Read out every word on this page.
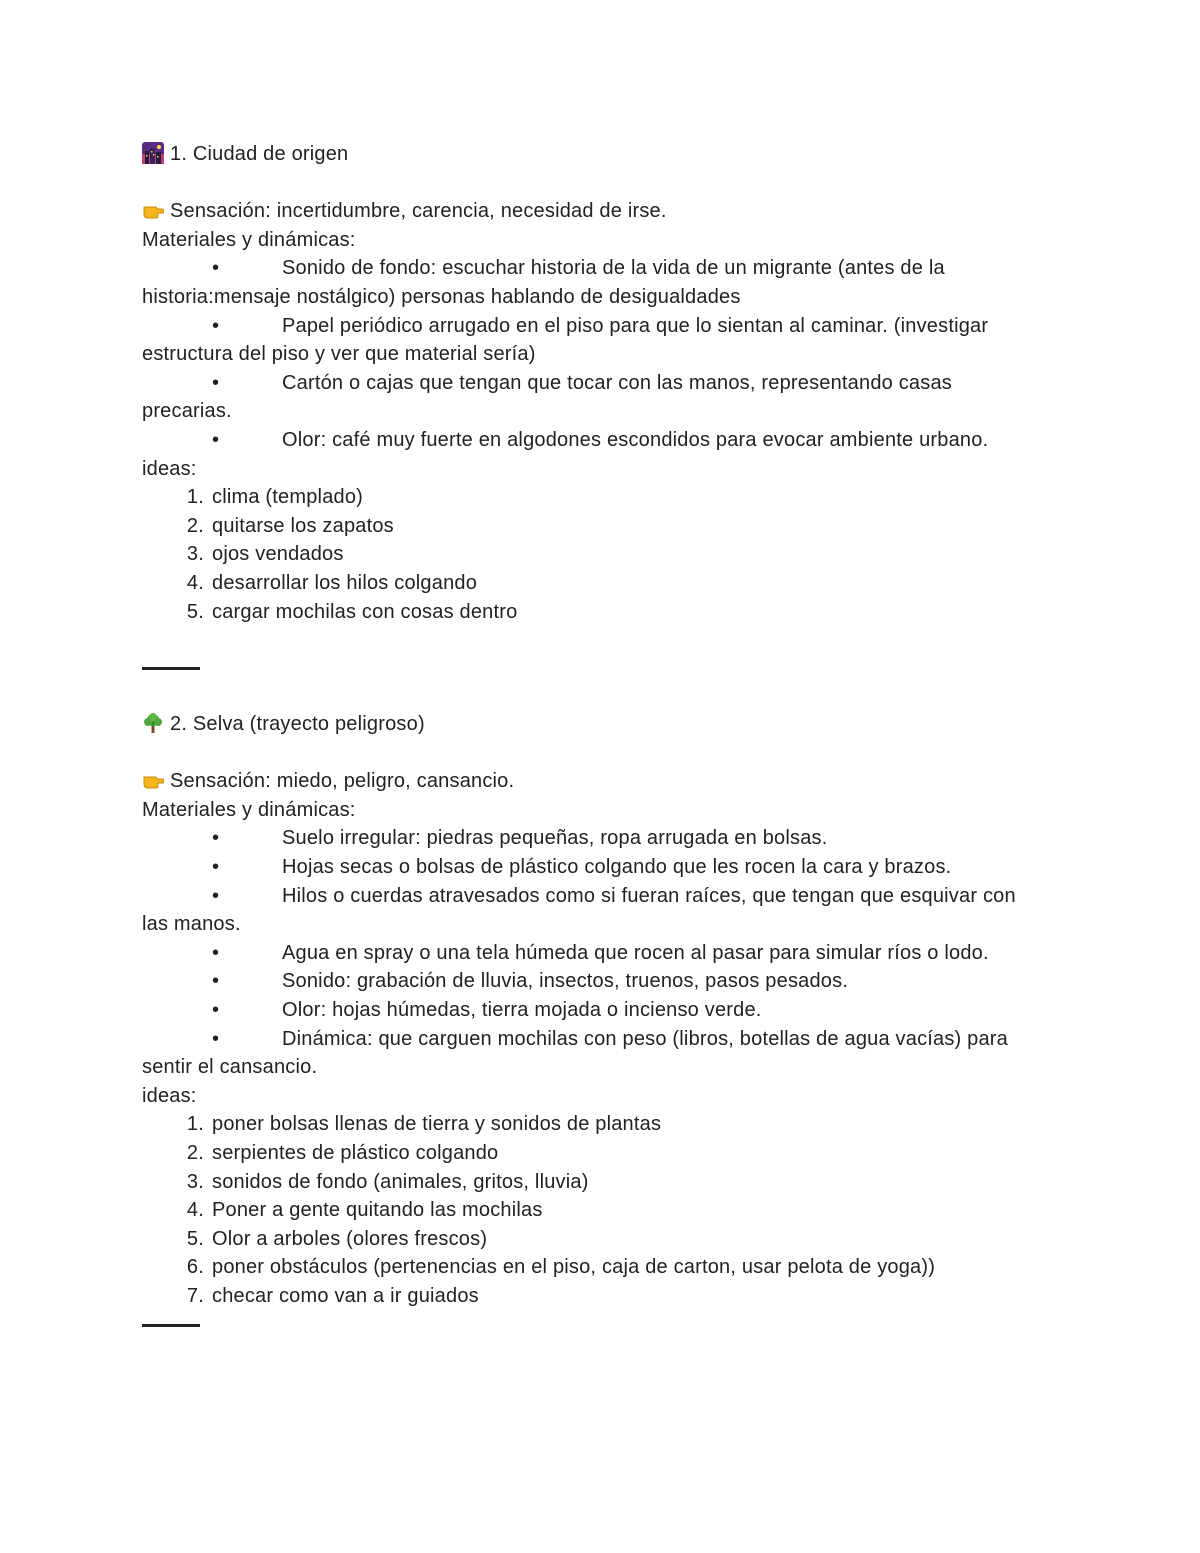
1. Ciudad de origen
Sensación: incertidumbre, carencia, necesidad de irse.
Materiales y dinámicas:
•	Sonido de fondo: escuchar historia de la vida de un migrante (antes de la
historia:mensaje nostálgico) personas hablando de desigualdades
•	Papel periódico arrugado en el piso para que lo sientan al caminar. (investigar
estructura del piso y ver que material sería)
•	Cartón o cajas que tengan que tocar con las manos, representando casas
precarias.
•	Olor: café muy fuerte en algodones escondidos para evocar ambiente urbano.
ideas:
1. clima (templado)
2. quitarse los zapatos
3. ojos vendados
4. desarrollar los hilos colgando
5. cargar mochilas con cosas dentro
2. Selva (trayecto peligroso)
Sensación: miedo, peligro, cansancio.
Materiales y dinámicas:
•	Suelo irregular: piedras pequeñas, ropa arrugada en bolsas.
•	Hojas secas o bolsas de plástico colgando que les rocen la cara y brazos.
•	Hilos o cuerdas atravesados como si fueran raíces, que tengan que esquivar con
las manos.
•	Agua en spray o una tela húmeda que rocen al pasar para simular ríos o lodo.
•	Sonido: grabación de lluvia, insectos, truenos, pasos pesados.
•	Olor: hojas húmedas, tierra mojada o incienso verde.
•	Dinámica: que carguen mochilas con peso (libros, botellas de agua vacías) para
sentir el cansancio.
ideas:
1. poner bolsas llenas de tierra y sonidos de plantas
2. serpientes de plástico colgando
3. sonidos de fondo (animales, gritos, lluvia)
4. Poner a gente quitando las mochilas
5. Olor a arboles (olores frescos)
6. poner obstáculos (pertenencias en el piso, caja de carton, usar pelota de yoga))
7. checar como van a ir guiados
